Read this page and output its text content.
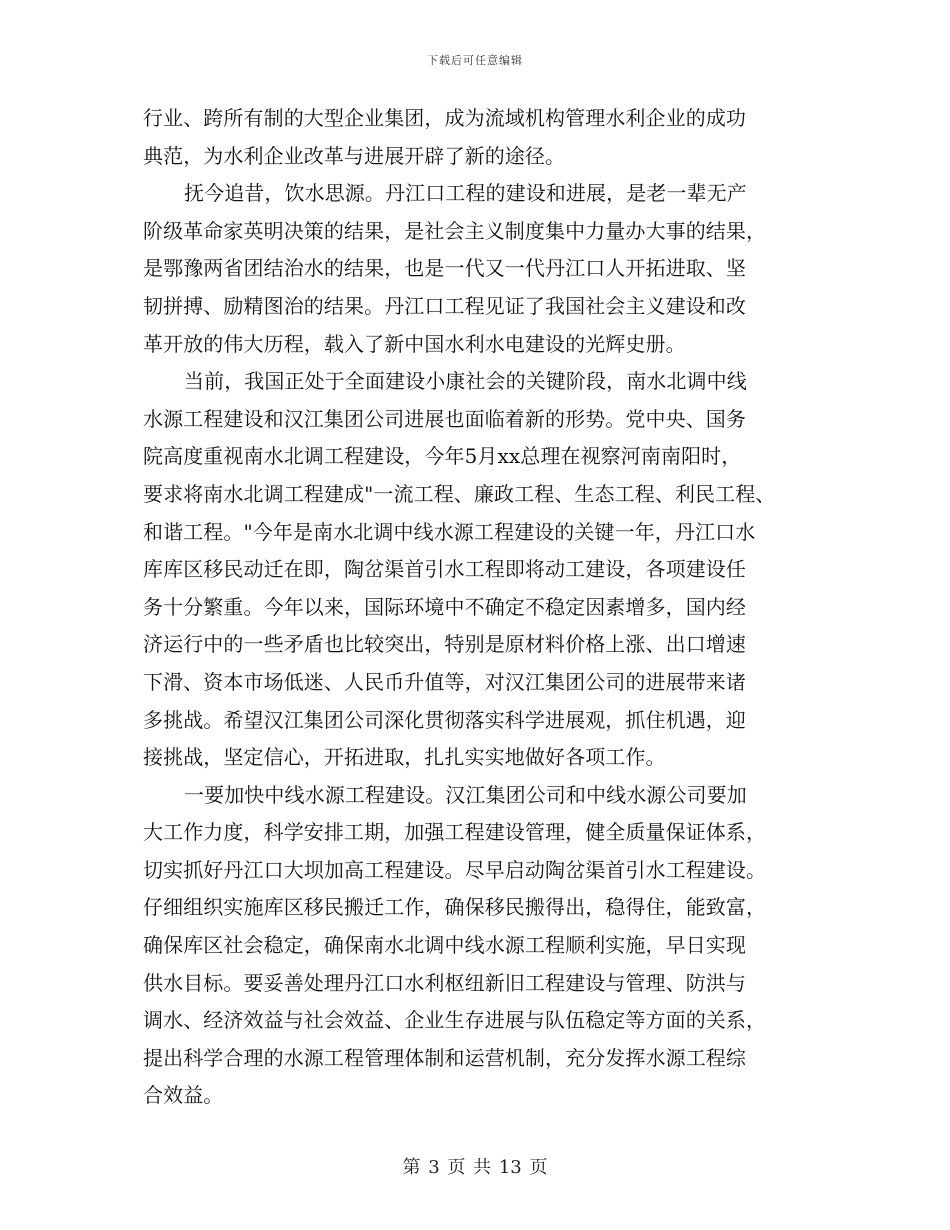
下载后可任意编辑
行业、跨所有制的大型企业集团，成为流域机构管理水利企业的成功
典范，为水利企业改革与进展开辟了新的途径。
抚今追昔，饮水思源。丹江口工程的建设和进展，是老一辈无产
阶级革命家英明决策的结果，是社会主义制度集中力量办大事的结果，
是鄂豫两省团结治水的结果，也是一代又一代丹江口人开拓进取、坚
韧拼搏、励精图治的结果。丹江口工程见证了我国社会主义建设和改
革开放的伟大历程，载入了新中国水利水电建设的光辉史册。
当前，我国正处于全面建设小康社会的关键阶段，南水北调中线
水源工程建设和汉江集团公司进展也面临着新的形势。党中央、国务
院高度重视南水北调工程建设，今年5月xx总理在视察河南南阳时，
要求将南水北调工程建成"一流工程、廉政工程、生态工程、利民工程、
和谐工程。"今年是南水北调中线水源工程建设的关键一年，丹江口水
库库区移民动迁在即，陶岔渠首引水工程即将动工建设，各项建设任
务十分繁重。今年以来，国际环境中不确定不稳定因素增多，国内经
济运行中的一些矛盾也比较突出，特别是原材料价格上涨、出口增速
下滑、资本市场低迷、人民币升值等，对汉江集团公司的进展带来诸
多挑战。希望汉江集团公司深化贯彻落实科学进展观，抓住机遇，迎
接挑战，坚定信心，开拓进取，扎扎实实地做好各项工作。
一要加快中线水源工程建设。汉江集团公司和中线水源公司要加
大工作力度，科学安排工期，加强工程建设管理，健全质量保证体系，
切实抓好丹江口大坝加高工程建设。尽早启动陶岔渠首引水工程建设。
仔细组织实施库区移民搬迁工作，确保移民搬得出，稳得住，能致富，
确保库区社会稳定，确保南水北调中线水源工程顺利实施，早日实现
供水目标。要妥善处理丹江口水利枢纽新旧工程建设与管理、防洪与
调水、经济效益与社会效益、企业生存进展与队伍稳定等方面的关系，
提出科学合理的水源工程管理体制和运营机制，充分发挥水源工程综
合效益。
第 3 页 共 13 页
